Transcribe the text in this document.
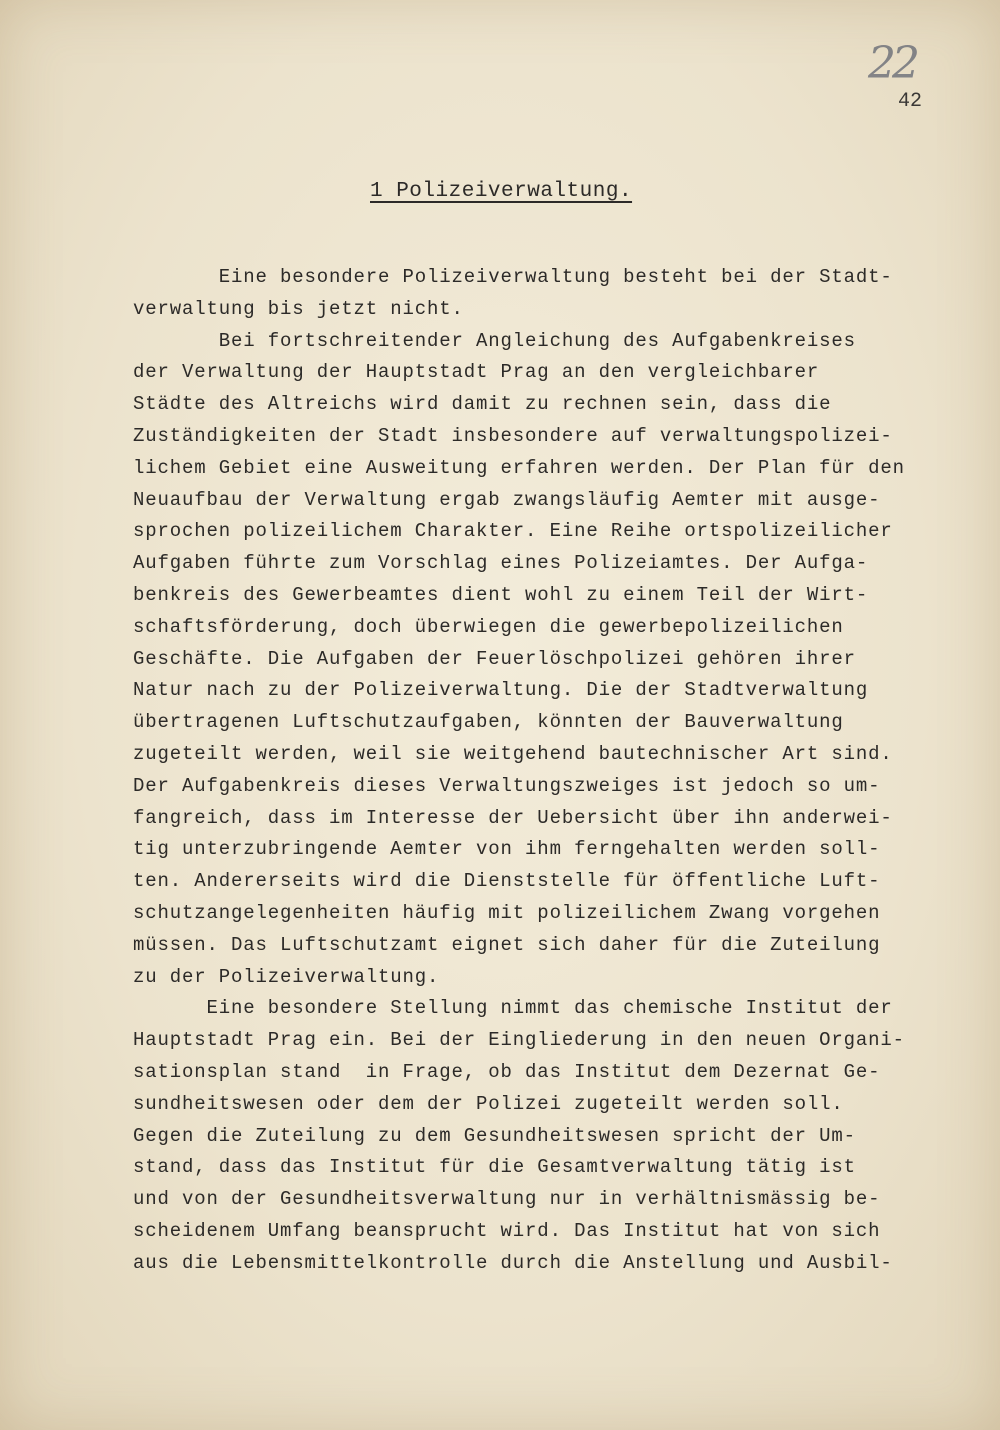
22
42
1 Polizeiverwaltung.
Eine besondere Polizeiverwaltung besteht bei der Stadt-
verwaltung bis jetzt nicht.
Bei fortschreitender Angleichung des Aufgabenkreises
der Verwaltung der Hauptstadt Prag an den vergleichbarer
Städte des Altreichs wird damit zu rechnen sein, dass die
Zuständigkeiten der Stadt insbesondere auf verwaltungspolizei-
lichem Gebiet eine Ausweitung erfahren werden. Der Plan für den
Neuaufbau der Verwaltung ergab zwangsläufig Aemter mit ausge-
sprochen polizeilichem Charakter. Eine Reihe ortspolizeilicher
Aufgaben führte zum Vorschlag eines Polizeiamtes. Der Aufga-
benkreis des Gewerbeamtes dient wohl zu einem Teil der Wirt-
schaftsförderung, doch überwiegen die gewerbepolizeilichen
Geschäfte. Die Aufgaben der Feuerlöschpolizei gehören ihrer
Natur nach zu der Polizeiverwaltung. Die der Stadtverwaltung
übertragenen Luftschutzaufgaben, könnten der Bauverwaltung
zugeteilt werden, weil sie weitgehend bautechnischer Art sind.
Der Aufgabenkreis dieses Verwaltungszweiges ist jedoch so um-
fangreich, dass im Interesse der Uebersicht über ihn anderwei-
tig unterzubringende Aemter von ihm ferngehalten werden soll-
ten. Andererseits wird die Dienststelle für öffentliche Luft-
schutzangelegenheiten häufig mit polizeilichem Zwang vorgehen
müssen. Das Luftschutzamt eignet sich daher für die Zuteilung
zu der Polizeiverwaltung.
Eine besondere Stellung nimmt das chemische Institut der
Hauptstadt Prag ein. Bei der Eingliederung in den neuen Organi-
sationsplan stand  in Frage, ob das Institut dem Dezernat Ge-
sundheitswesen oder dem der Polizei zugeteilt werden soll.
Gegen die Zuteilung zu dem Gesundheitswesen spricht der Um-
stand, dass das Institut für die Gesamtverwaltung tätig ist
und von der Gesundheitsverwaltung nur in verhältnismässig be-
scheidenem Umfang beansprucht wird. Das Institut hat von sich
aus die Lebensmittelkontrolle durch die Anstellung und Ausbil-
